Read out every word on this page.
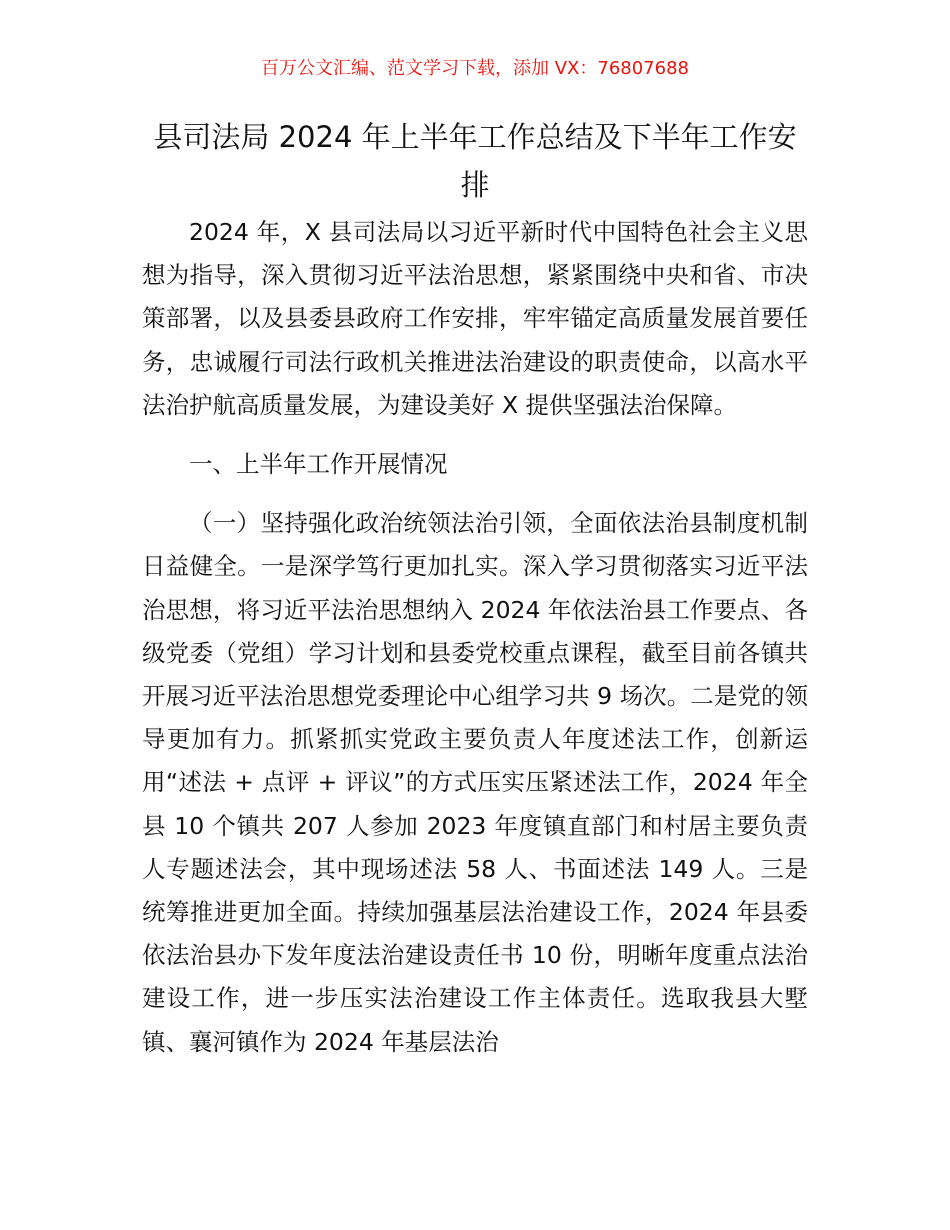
百万公文汇编、范文学习下载，添加 VX：76807688
县司法局 2024 年上半年工作总结及下半年工作安排

2024 年，X 县司法局以习近平新时代中国特色社会主义思想为指导，深入贯彻习近平法治思想，紧紧围绕中央和省、市决策部署，以及县委县政府工作安排，牢牢锚定高质量发展首要任务，忠诚履行司法行政机关推进法治建设的职责使命，以高水平法治护航高质量发展，为建设美好 X 提供坚强法治保障。

一、上半年工作开展情况

（一）坚持强化政治统领法治引领，全面依法治县制度机制日益健全。一是深学笃行更加扎实。深入学习贯彻落实习近平法治思想，将习近平法治思想纳入 2024 年依法治县工作要点、各级党委（党组）学习计划和县委党校重点课程，截至目前各镇共开展习近平法治思想党委理论中心组学习共 9 场次。二是党的领导更加有力。抓紧抓实党政主要负责人年度述法工作，创新运用“述法 + 点评 + 评议”的方式压实压紧述法工作，2024 年全县 10 个镇共 207 人参加 2023 年度镇直部门和村居主要负责人专题述法会，其中现场述法 58 人、书面述法 149 人。三是统筹推进更加全面。持续加强基层法治建设工作，2024 年县委依法治县办下发年度法治建设责任书 10 份，明晰年度重点法治建设工作，进一步压实法治建设工作主体责任。选取我县大墅镇、襄河镇作为 2024 年基层法治
